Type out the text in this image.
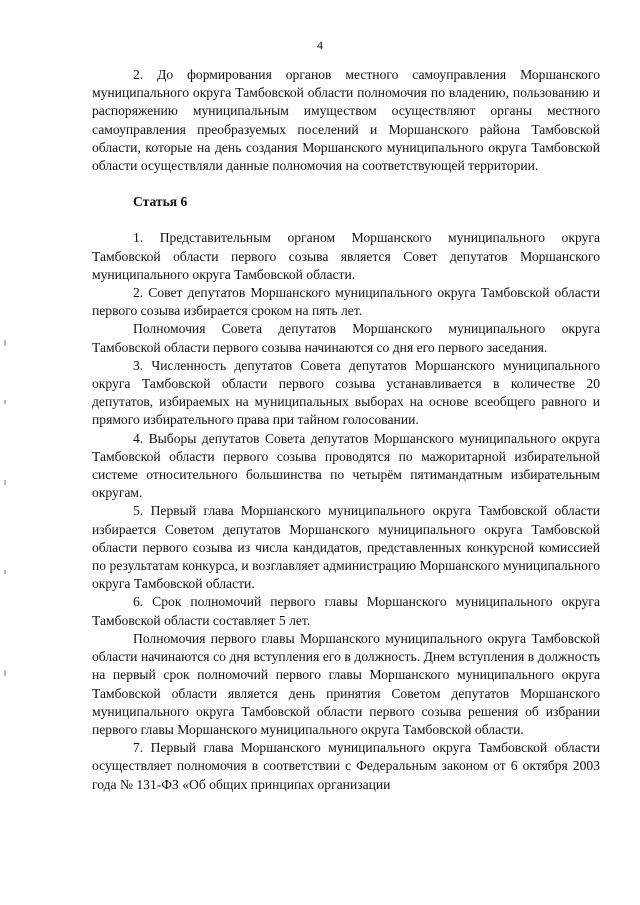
4

2. До формирования органов местного самоуправления Моршанского муниципального округа Тамбовской области полномочия по владению, пользованию и распоряжению муниципальным имуществом осуществляют органы местного самоуправления преобразуемых поселений и Моршанского района Тамбовской области, которые на день создания Моршанского муниципального округа Тамбовской области осуществляли данные полномочия на соответствующей территории.

Статья 6

1. Представительным органом Моршанского муниципального округа Тамбовской области первого созыва является Совет депутатов Моршанского муниципального округа Тамбовской области.

2. Совет депутатов Моршанского муниципального округа Тамбовской области первого созыва избирается сроком на пять лет.

Полномочия Совета депутатов Моршанского муниципального округа Тамбовской области первого созыва начинаются со дня его первого заседания.

3. Численность депутатов Совета депутатов Моршанского муниципального округа Тамбовской области первого созыва устанавливается в количестве 20 депутатов, избираемых на муниципальных выборах на основе всеобщего равного и прямого избирательного права при тайном голосовании.

4. Выборы депутатов Совета депутатов Моршанского муниципального округа Тамбовской области первого созыва проводятся по мажоритарной избирательной системе относительного большинства по четырём пятимандатным избирательным округам.

5. Первый глава Моршанского муниципального округа Тамбовской области избирается Советом депутатов Моршанского муниципального округа Тамбовской области первого созыва из числа кандидатов, представленных конкурсной комиссией по результатам конкурса, и возглавляет администрацию Моршанского муниципального округа Тамбовской области.

6. Срок полномочий первого главы Моршанского муниципального округа Тамбовской области составляет 5 лет.

Полномочия первого главы Моршанского муниципального округа Тамбовской области начинаются со дня вступления его в должность. Днем вступления в должность на первый срок полномочий первого главы Моршанского муниципального округа Тамбовской области является день принятия Советом депутатов Моршанского муниципального округа Тамбовской области первого созыва решения об избрании первого главы Моршанского муниципального округа Тамбовской области.

7. Первый глава Моршанского муниципального округа Тамбовской области осуществляет полномочия в соответствии с Федеральным законом от 6 октября 2003 года № 131-ФЗ «Об общих принципах организации
